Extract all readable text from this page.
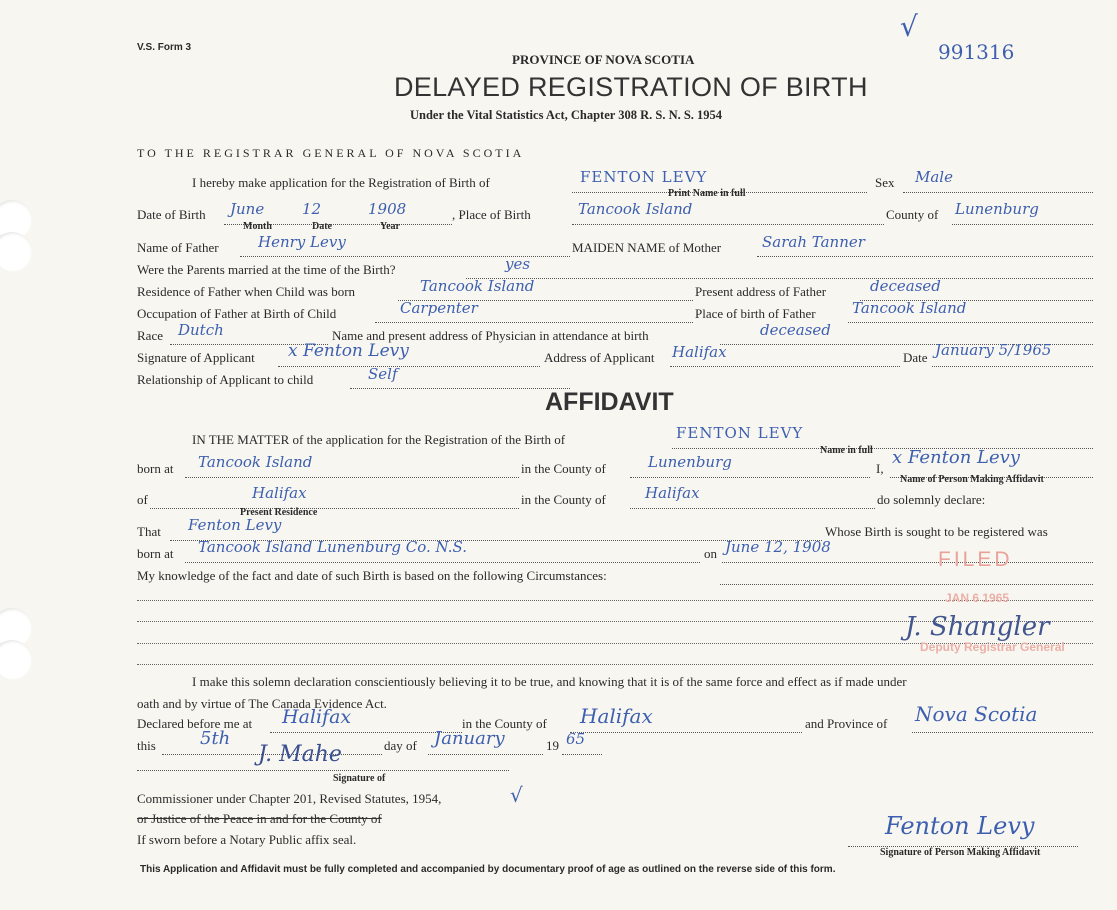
V.S. Form 3
PROVINCE OF NOVA SCOTIA
DELAYED REGISTRATION OF BIRTH
Under the Vital Statistics Act, Chapter 308 R. S. N. S. 1954
991316
√
TO THE REGISTRAR GENERAL OF NOVA SCOTIA
I hereby make application for the Registration of Birth of	FENTON LEVY	Sex Male
Print Name in full
Date of Birth June	12	1908
Month	Date	Year
, Place of Birth	Tancook Island	County of Lunenburg
Name of Father	Henry Levy	MAIDEN NAME of Mother	Sarah Tanner
Were the Parents married at the time of the Birth?	yes
Residence of Father when Child was born	Tancook Island	Present address of Father	deceased
Occupation of Father at Birth of Child	Carpenter	Place of birth of Father Tancook Island
Race Dutch	Name and present address of Physician in attendance at birth	deceased
Signature of Applicant x Fenton Levy	Address of Applicant Halifax	Date January 5/1965
Relationship of Applicant to child	Self
AFFIDAVIT
IN THE MATTER of the application for the Registration of the Birth of	FENTON LEVY
Name in full
born at Tancook Island	in the County of	Lunenburg	I,
x Fenton Levy
Name of Person Making Affidavit
of	Halifax
Present Residence
in the County of	Halifax	do solemnly declare:
That Fenton Levy	Whose Birth is sought to be registered was
born at Tancook Island Lunenburg Co. N.S.	on June 12, 1908
My knowledge of the fact and date of such Birth is based on the following Circumstances:
FILED
JAN 6 1965
J. Shangler
Deputy Registrar General
I make this solemn declaration conscientiously believing it to be true, and knowing that it is of the same force and effect as if made under
oath and by virtue of The Canada Evidence Act.
Declared before me at Halifax	in the County of Halifax	and Province of Nova Scotia
this 5th	day of January	19 65
J. Mahe
Signature of
Commissioner under Chapter 201, Revised Statutes, 1954,	√
or Justice of the Peace in and for the County of
If sworn before a Notary Public affix seal.	Fenton Levy
Signature of Person Making Affidavit
This Application and Affidavit must be fully completed and accompanied by documentary proof of age as outlined on the reverse side of this form.
